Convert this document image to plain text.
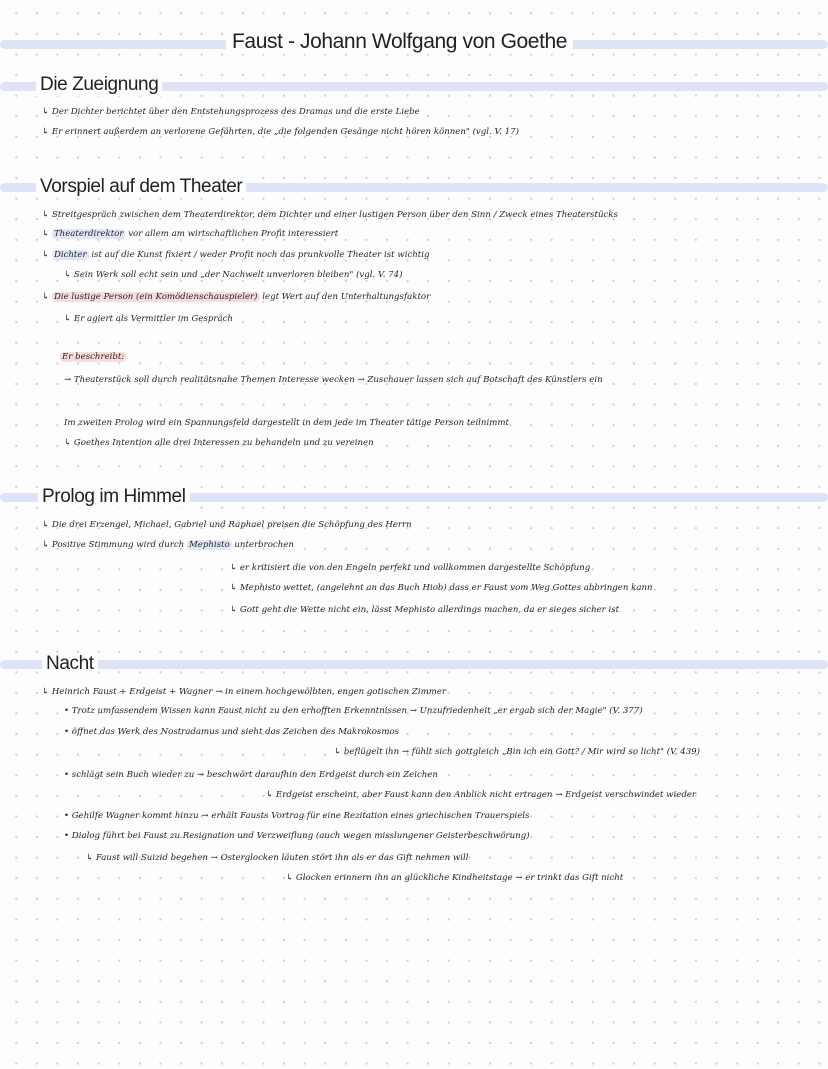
Faust - Johann Wolfgang von Goethe
Die Zueignung
↳ Der Dichter berichtet über den Entstehungsprozess des Dramas und die erste Liebe
↳ Er erinnert außerdem an verlorene Gefährten, die „die folgenden Gesänge nicht hören können" (vgl. V. 17)
Vorspiel auf dem Theater
↳ Streitgespräch zwischen dem Theaterdirektor, dem Dichter und einer lustigen Person über den Sinn / Zweck eines Theaterstücks
↳ Theaterdirektor vor allem am wirtschaftlichen Profit interessiert
↳ Dichter ist auf die Kunst fixiert / weder Profit noch das prunkvolle Theater ist wichtig
↳ Sein Werk soll echt sein und „der Nachwelt unverloren bleiben" (vgl. V. 74)
↳ Die lustige Person (ein Komödienschauspieler) legt Wert auf den Unterhaltungsfaktor
↳ Er agiert als Vermittler im Gespräch
Er beschreibt:
→ Theaterstück soll durch realitätsnahe Themen Interesse wecken → Zuschauer lassen sich auf Botschaft des Künstlers ein
Im zweiten Prolog wird ein Spannungsfeld dargestellt in dem jede im Theater tätige Person teilnimmt
↳ Goethes Intention alle drei Interessen zu behandeln und zu vereinen
Prolog im Himmel
↳ Die drei Erzengel, Michael, Gabriel und Raphael preisen die Schöpfung des Herrn
↳ Positive Stimmung wird durch Mephisto unterbrochen
↳ er kritisiert die von den Engeln perfekt und vollkommen dargestellte Schöpfung
↳ Mephisto wettet, (angelehnt an das Buch Hiob) dass er Faust vom Weg Gottes abbringen kann
↳ Gott geht die Wette nicht ein, lässt Mephisto allerdings machen, da er sieges sicher ist
Nacht
↳ Heinrich Faust + Erdgeist + Wagner → in einem hochgewölbten, engen gotischen Zimmer
• Trotz umfassendem Wissen kann Faust nicht zu den erhofften Erkenntnissen → Unzufriedenheit „er ergab sich der Magie" (V. 377)
• öffnet das Werk des Nostradamus und sieht das Zeichen des Makrokosmos
↳ beflügelt ihn → fühlt sich gottgleich „Bin ich ein Gott? / Mir wird so licht" (V. 439)
• schlägt sein Buch wieder zu → beschwört daraufhin den Erdgeist durch ein Zeichen
↳ Erdgeist erscheint, aber Faust kann den Anblick nicht ertragen → Erdgeist verschwindet wieder
• Gehilfe Wagner kommt hinzu → erhält Fausts Vortrag für eine Rezitation eines griechischen Trauerspiels
• Dialog führt bei Faust zu Resignation und Verzweiflung (auch wegen misslungener Geisterbeschwörung)
↳ Faust will Suizid begehen → Osterglocken läuten stört ihn als er das Gift nehmen will
↳ Glocken erinnern ihn an glückliche Kindheitstage → er trinkt das Gift nicht
